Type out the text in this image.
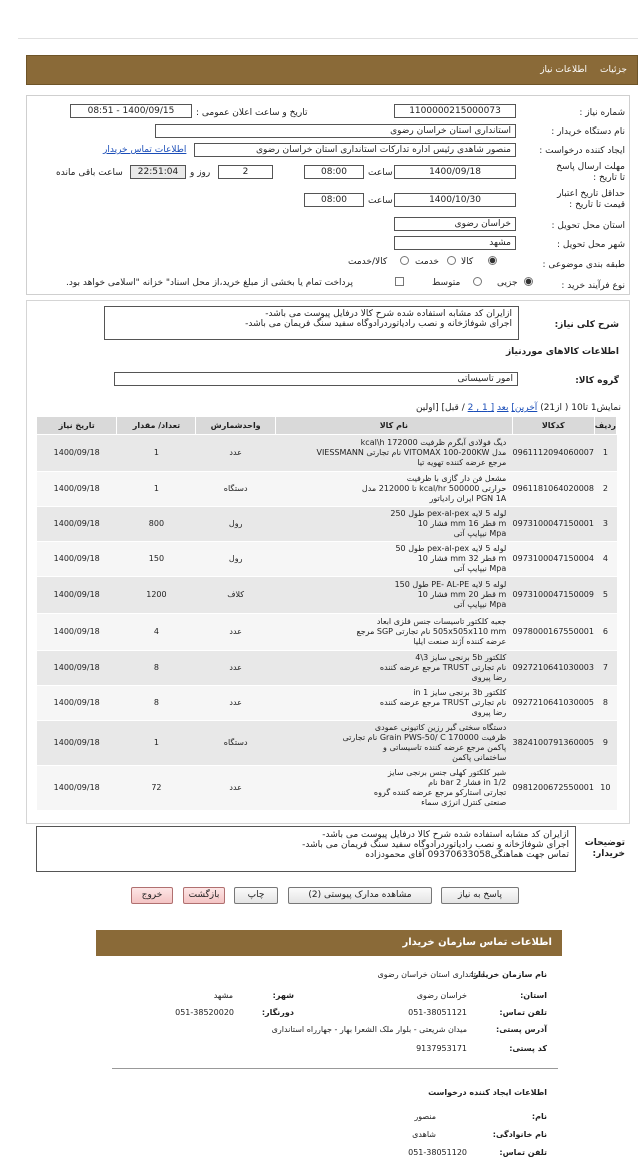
جزئیات
اطلاعات نیاز
شماره نیاز :
1100000215000073
تاریخ و ساعت اعلان عمومی :
1400/09/15 - 08:51
نام دستگاه خریدار :
استانداری استان خراسان رضوی
ایجاد کننده درخواست :
منصور شاهدی رئیس اداره تدارکات استانداری استان خراسان رضوی
اطلاعات تماس خریدار
مهلت ارسال پاسخ تا تاریخ :
1400/09/18
ساعت
08:00
2
روز و
22:51:04
ساعت باقی مانده
حداقل تاریخ اعتبار قیمت تا تاریخ :
1400/10/30
ساعت
08:00
استان محل تحویل :
خراسان رضوی
شهر محل تحویل :
مشهد
طبقه بندی موضوعی :
کالا
خدمت
کالا/خدمت
نوع فرآیند خرید :
جزیی
متوسط
پرداخت تمام یا بخشی از مبلغ خرید،از محل اسناد" خزانه "اسلامی خواهد بود.
شرح کلی نیاز:
ازایران کد مشابه استفاده شده شرح کالا درفایل پیوست می باشد-
اجرای شوفاژخانه و نصب رادیاتوردرادوگاه سفید سنگ فریمان می باشد-
اطلاعات کالاهای موردنیاز
گروه کالا:
امور تاسیساتی
نمایش1 تا10 ( از21) آخرین] بعد [ 1 , 2 / قبل] [اولین
ردیف	کدکالا	نام کالا	واحدشمارش	تعداد/ مقدار	تاریخ نیاز
1	0961112094060007	دیگ فولادی آبگرم ظرفیت 172000 kcal\h
مدل VITOMAX 100-200KW نام تجارتی VIESSMANN
مرجع عرضه کننده تهویه تیا	عدد	1	1400/09/18
2	0961181064020008	مشعل فن دار گازی با ظرفیت
حرارتی 500000 kcal/hr تا 212000 مدل
PGN 1A ایران رادیاتور	دستگاه	1	1400/09/18
3	0973100047150001	لوله 5 لایه pex-al-pex طول 250
m قطر 16 mm فشار 10
Mpa نیپایپ آتی	رول	800	1400/09/18
4	0973100047150004	لوله 5 لایه pex-al-pex طول 50
m قطر 32 mm فشار 10
Mpa نیپایپ آتی	رول	150	1400/09/18
5	0973100047150009	لوله 5 لایه PE- AL-PE طول 150
m قطر 20 mm فشار 10
Mpa نیپایپ آتی	کلاف	1200	1400/09/18
6	0978000167550001	جعبه کلکتور تاسیسات جنس فلزی ابعاد
505x505x110 mm نام تجارتی SGP مرجع
عرضه کننده آژند صنعت ایلیا	عدد	4	1400/09/18
7	0927210641030003	کلکتور 5b برنجی سایز 3\4
نام تجارتی TRUST مرجع عرضه کننده
رضا پیروی	عدد	8	1400/09/18
8	0927210641030005	کلکتور 3b برنجی سایز 1 in
نام تجارتی TRUST مرجع عرضه کننده
رضا پیروی	عدد	8	1400/09/18
9	3824100791360005	دستگاه سختی گیر رزین کاتیونی عمودی
ظرفیت 170000 Grain PWS-50/ C نام تجارتی
پاکمن مرجع عرضه کننده تاسیساتی و
ساختمانی پاکمن	دستگاه	1	1400/09/18
10	0981200672550001	شیر کلکتور کهلی جنس برنجی سایز
1/2 in فشار 2 bar نام
تجارتی استارکو مرجع عرضه کننده گروه
صنعتی کنترل انرژی سماء	عدد	72	1400/09/18
توضیحات خریدار:
ازایران کد مشابه استفاده شده شرح کالا درفایل پیوست می باشد-
اجرای شوفاژخانه و نصب رادیاتوردرادوگاه سفید سنگ فریمان می باشد-
تماس جهت هماهنگی09370633058 آقای محمودزاده
پاسخ به نیاز
مشاهده مدارک پیوستی (2)
چاپ
بازگشت
خروج
اطلاعات تماس سازمان خریدار
نام سازمان خریدار:
استانداری استان خراسان رضوی
استان:
خراسان رضوی
شهر:
مشهد
تلفن تماس:
051-38051121
دورنگار:
051-38520020
آدرس پستی:
میدان شریعتی - بلوار ملک الشعرا بهار - جهارراه استانداری
کد پستی:
9137953171
اطلاعات ایجاد کننده درخواست
نام:
منصور
نام خانوادگی:
شاهدی
تلفن تماس:
051-38051120
